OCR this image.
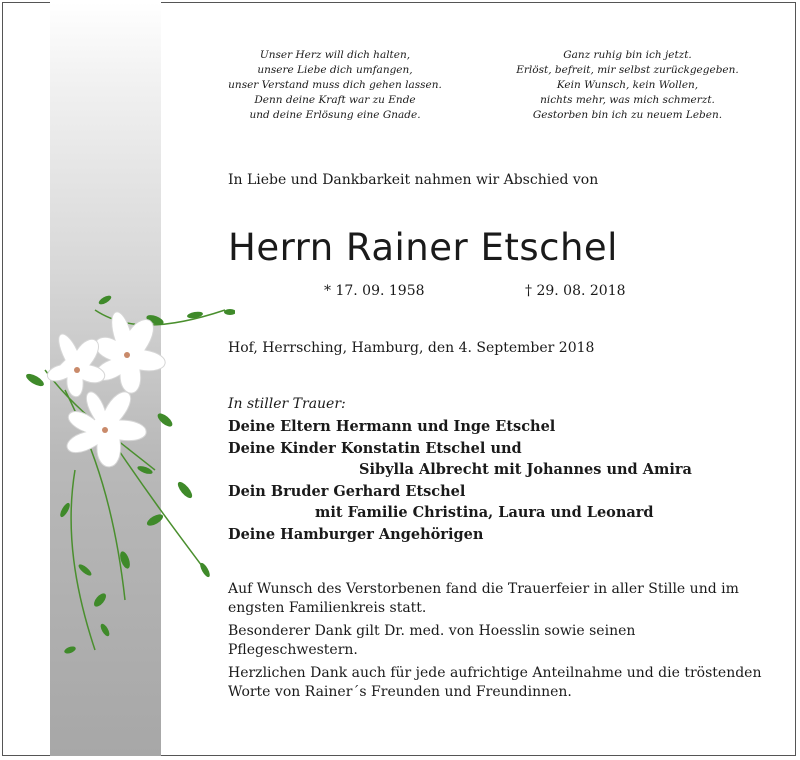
Unser Herz will dich halten,
unsere Liebe dich umfangen,
unser Verstand muss dich gehen lassen.
Denn deine Kraft war zu Ende
und deine Erlösung eine Gnade.
Ganz ruhig bin ich jetzt.
Erlöst, befreit, mir selbst zurückgegeben.
Kein Wunsch, kein Wollen,
nichts mehr, was mich schmerzt.
Gestorben bin ich zu neuem Leben.
In Liebe und Dankbarkeit nahmen wir Abschied von
Herrn Rainer Etschel
* 17. 09. 1958	† 29. 08. 2018
Hof, Herrsching, Hamburg, den 4. September 2018
In stiller Trauer:
Deine Eltern Hermann und Inge Etschel
Deine Kinder Konstatin Etschel und
Sibylla Albrecht mit Johannes und Amira
Dein Bruder Gerhard Etschel
mit Familie Christina, Laura und Leonard
Deine Hamburger Angehörigen

Auf Wunsch des Verstorbenen fand die Trauerfeier in aller Stille und im engsten Familienkreis statt.

Besonderer Dank gilt Dr. med. von Hoesslin sowie seinen Pflegeschwestern.

Herzlichen Dank auch für jede aufrichtige Anteilnahme und die tröstenden Worte von Rainer´s Freunden und Freundinnen.
